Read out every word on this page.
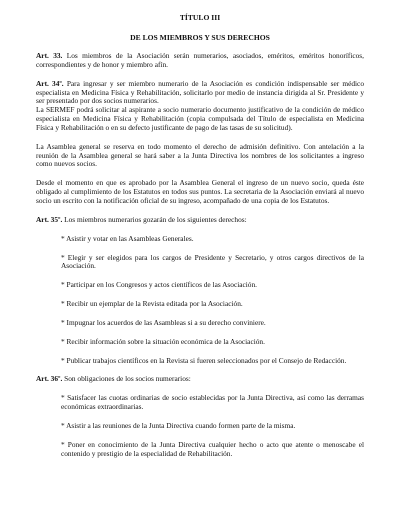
TÍTULO III

DE LOS MIEMBROS Y SUS DERECHOS

Art. 33. Los miembros de la Asociación serán numerarios, asociados, eméritos, eméritos honoríficos, correspondientes y de honor y miembro afín.

Art. 34º. Para ingresar y ser miembro numerario de la Asociación es condición indispensable ser médico especialista en Medicina Física y Rehabilitación, solicitarlo por medio de instancia dirigida al Sr. Presidente y ser presentado por dos socios numerarios.

La SERMEF podrá solicitar al aspirante a socio numerario documento justificativo de la condición de médico especialista en Medicina Física y Rehabilitación (copia compulsada del Título de especialista en Medicina Física y Rehabilitación o en su defecto justificante de pago de las tasas de su solicitud).

La Asamblea general se reserva en todo momento el derecho de admisión definitivo. Con antelación a la reunión de la Asamblea general se hará saber a la Junta Directiva los nombres de los solicitantes a ingreso como nuevos socios.

Desde el momento en que es aprobado por la Asamblea General el ingreso de un nuevo socio, queda éste obligado al cumplimiento de los Estatutos en todos sus puntos. La secretaria de la Asociación enviará al nuevo socio un escrito con la notificación oficial de su ingreso, acompañado de una copia de los Estatutos.

Art. 35º. Los miembros numerarios gozarán de los siguientes derechos:

* Asistir y votar en las Asambleas Generales.

* Elegir y ser elegidos para los cargos de Presidente y Secretario, y otros cargos directivos de la Asociación.

* Participar en los Congresos y actos científicos de las Asociación.

* Recibir un ejemplar de la Revista editada por la Asociación.

* Impugnar los acuerdos de las Asambleas si a su derecho conviniere.

* Recibir información sobre la situación económica de la Asociación.

* Publicar trabajos científicos en la Revista si fueren seleccionados por el Consejo de Redacción.

Art. 36º. Son obligaciones de los socios numerarios:

* Satisfacer las cuotas ordinarias de socio establecidas por la Junta Directiva, así como las derramas económicas extraordinarias.

* Asistir a las reuniones de la Junta Directiva cuando formen parte de la misma.

* Poner en conocimiento de la Junta Directiva cualquier hecho o acto que atente o menoscabe el contenido y prestigio de la especialidad de Rehabilitación.
